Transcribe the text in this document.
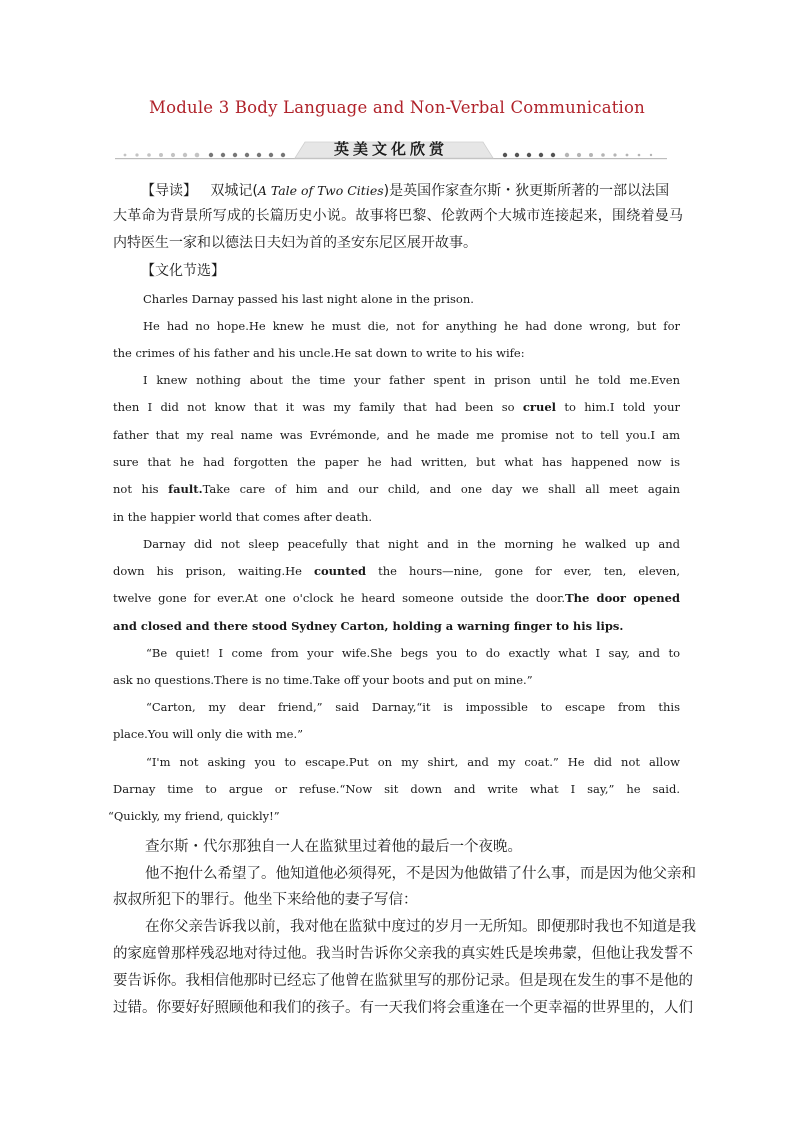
Module 3 Body Language and Non-Verbal Communication
英美文化欣赏
【导读】 双城记(A Tale of Two Cities)是英国作家查尔斯・狄更斯所著的一部以法国
大革命为背景所写成的长篇历史小说。故事将巴黎、伦敦两个大城市连接起来，围绕着曼马
内特医生一家和以德法日夫妇为首的圣安东尼区展开故事。
【文化节选】
Charles Darnay passed his last night alone in the prison.
He had no hope.He knew he must die, not for anything he had done wrong, but for
the crimes of his father and his uncle.He sat down to write to his wife:
I knew nothing about the time your father spent in prison until he told me.Even
then I did not know that it was my family that had been so cruel to him.I told your
father that my real name was Evrémonde, and he made me promise not to tell you.I am
sure that he had forgotten the paper he had written, but what has happened now is
not his fault.Take care of him and our child, and one day we shall all meet again
in the happier world that comes after death.
Darnay did not sleep peacefully that night and in the morning he walked up and
down his prison, waiting.He counted the hours—nine, gone for ever, ten, eleven,
twelve gone for ever.At one o'clock he heard someone outside the door.The door opened
and closed and there stood Sydney Carton, holding a warning finger to his lips.
“Be quiet! I come from your wife.She begs you to do exactly what I say, and to
ask no questions.There is no time.Take off your boots and put on mine.”
“Carton, my dear friend,” said Darnay,“it is impossible to escape from this
place.You will only die with me.”
“I'm not asking you to escape.Put on my shirt, and my coat.” He did not allow
Darnay time to argue or refuse.“Now sit down and write what I say,” he said.
“Quickly, my friend, quickly!”
查尔斯・代尔那独自一人在监狱里过着他的最后一个夜晚。
他不抱什么希望了。他知道他必须得死，不是因为他做错了什么事，而是因为他父亲和
叔叔所犯下的罪行。他坐下来给他的妻子写信：
在你父亲告诉我以前，我对他在监狱中度过的岁月一无所知。即便那时我也不知道是我
的家庭曾那样残忍地对待过他。我当时告诉你父亲我的真实姓氏是埃弗蒙，但他让我发誓不
要告诉你。我相信他那时已经忘了他曾在监狱里写的那份记录。但是现在发生的事不是他的
过错。你要好好照顾他和我们的孩子。有一天我们将会重逢在一个更幸福的世界里的，人们
